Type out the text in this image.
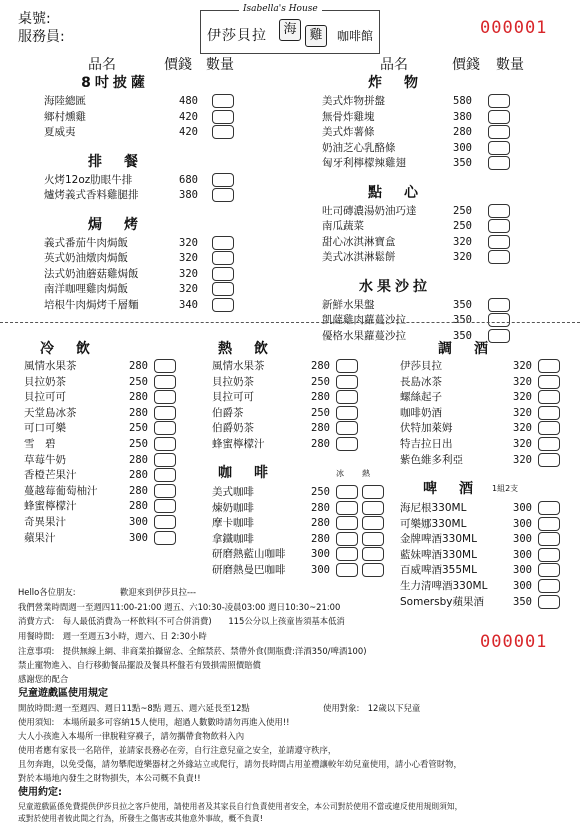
桌號:
服務員:	000001
Isabella's House
伊莎貝拉	海 雞	咖啡館
品名	價錢 數量	品名	價錢 數量
8吋披薩
海陸總匯	480
鄉村燻雞	420
夏威夷	420
排　餐
火烤12oz肋眼牛排	680
爐烤義式香料雞腿排	380
焗　烤
義式番茄牛肉焗飯	320
英式奶油燉肉焗飯	320
法式奶油蘑菇雞焗飯	320
南洋咖哩雞肉焗飯	320
培根牛肉焗烤千層麵	340
炸　物
美式炸物拼盤	580
無骨炸雞塊	380
美式炸薯條	280
奶油芝心乳酪條	300
匈牙利檸檬辣雞翅	350
點　心
吐司磚濃湯奶油巧達	250
南瓜蔬菜	250
甜心冰淇淋寶盒	320
美式冰淇淋鬆餅	320
水果沙拉
新鮮水果盤	350
凱薩雞肉蘿蔓沙拉	350
優格水果蘿蔓沙拉	350
冷　飲
風情水果茶	280
貝拉奶茶	250
貝拉可可	280
天堂島冰茶	280
可口可樂	250
雪　碧	250
草莓牛奶	280
香橙芒果汁	280
蔓越莓葡萄柚汁	280
蜂蜜檸檬汁	280
奇異果汁	300
蘋果汁	300
熱　飲
風情水果茶	280
貝拉奶茶	250
貝拉可可	280
伯爵茶	250
伯爵奶茶	280
蜂蜜檸檬汁	280
咖　啡	冰 熱
美式咖啡	250
煉奶咖啡	280
摩卡咖啡	280
拿鐵咖啡	280
研磨熱藍山咖啡	300
研磨熱曼巴咖啡	300
調　酒
伊莎貝拉	320
長島冰茶	320
螺絲起子	320
咖啡奶酒	320
伏特加萊姆	320
特吉拉日出	320
紫色維多利亞	320
啤　酒	1組2支
海尼根330ML	300
可樂娜330ML	300
金牌啤酒330ML	300
藍妹啤酒330ML	300
百威啤酒355ML	300
生力清啤酒330ML	300
Somersby蘋果酒	350
Hello各位朋友:	歡迎來到伊莎貝拉---
我們營業時間週一至週四11:00-21:00 週五、六10:30-凌晨03:00 週日10:30~21:00
消費方式:　每人最低消費為一杯飲料(不可合併消費)　　115公分以上孩童皆須基本低消
用餐時間:　週一至週五3小時，週六、日 2:30小時
注意事項:　提供無線上網、非商業拍攝留念、全館禁菸、禁帶外食(開瓶費:洋酒350/啤酒100)
禁止寵物進入、自行移動餐品擺設及餐具杯盤若有毀損需照價賠償
感謝您的配合
000001
兒童遊戲區使用規定
開放時間:週一至週四、週日11點~8點 週五、週六延長至12點	使用對象:　12歲以下兒童
使用須知:　本場所最多可容納15人使用，超過人數數時請勿再進入使用!!
大人小孩進入本場所一律脫鞋穿襪子，請勿攜帶食物飲料入內
使用者應有家長一名陪伴，並請家長務必在旁，自行注意兒童之安全，並請遵守秩序，
且勿奔跑，以免受傷，請勿攀爬遊樂器材之外緣站立或爬行，請勿長時間占用並禮讓較年幼兒童使用，請小心看管財物，
對於本場地內發生之財物損失，本公司概不負責!!
使用約定:
兒童遊戲區係免費提供伊莎貝拉之客戶使用，請使用者及其家長自行負責使用者安全，本公司對於使用不當或違反使用規則須知，
或對於使用者彼此間之行為，所發生之傷害或其他意外事故，概不負責!
